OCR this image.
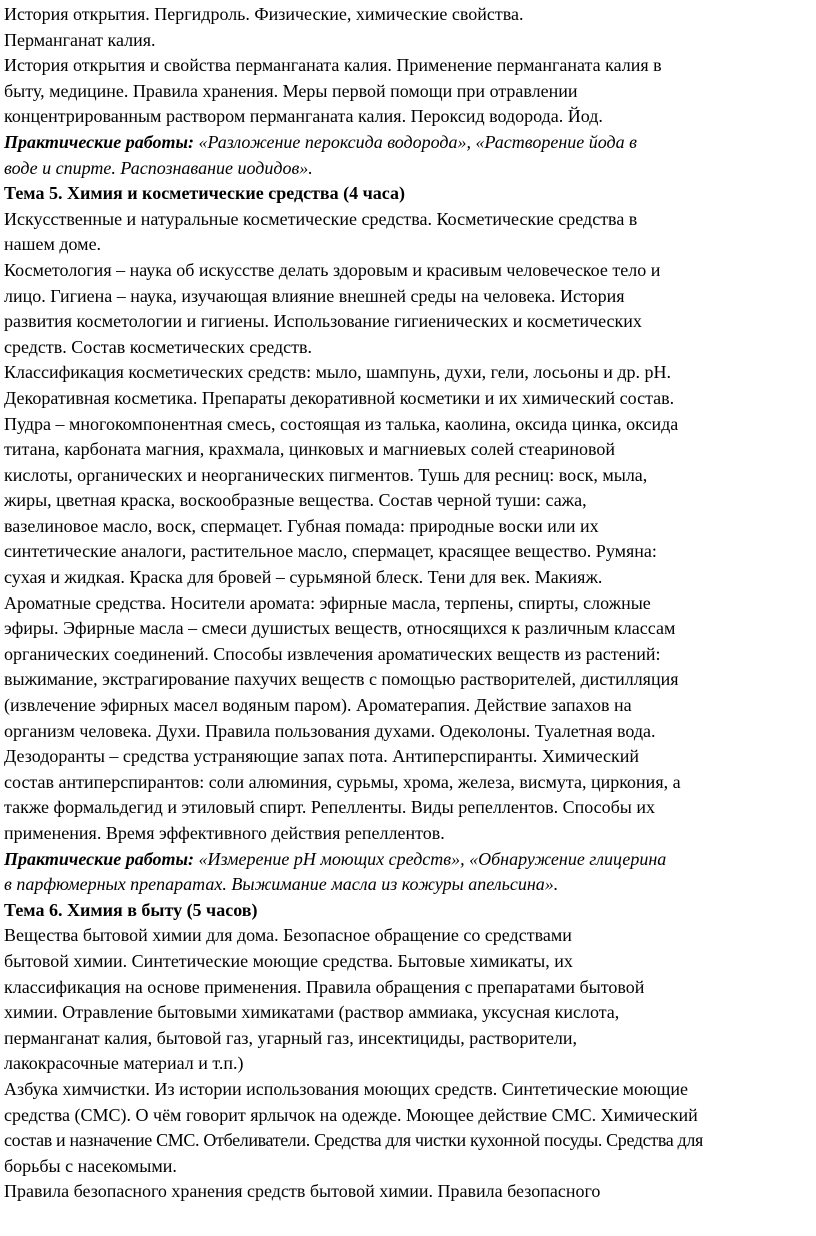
История открытия. Пергидроль. Физические, химические свойства.
Перманганат калия.
История открытия и свойства перманганата калия. Применение перманганата калия в
быту, медицине. Правила хранения. Меры первой помощи при отравлении
концентрированным раствором перманганата калия. Пероксид водорода. Йод.
Практические работы: «Разложение пероксида водорода», «Растворение йода в
воде и спирте. Распознавание иодидов».
Тема 5. Химия и косметические средства (4 часа)
Искусственные и натуральные косметические средства. Косметические средства в
нашем доме.
Косметология – наука об искусстве делать здоровым и красивым человеческое тело и
лицо. Гигиена – наука, изучающая влияние внешней среды на человека. История
развития косметологии и гигиены. Использование гигиенических и косметических
средств. Состав косметических средств.
Классификация косметических средств: мыло, шампунь, духи, гели, лосьоны и др. pH.
Декоративная косметика. Препараты декоративной косметики и их химический состав.
Пудра – многокомпонентная смесь, состоящая из талька, каолина, оксида цинка, оксида
титана, карбоната магния, крахмала, цинковых и магниевых солей стеариновой
кислоты, органических и неорганических пигментов. Тушь для ресниц: воск, мыла,
жиры, цветная краска, воскообразные вещества. Состав черной туши: сажа,
вазелиновое масло, воск, спермацет. Губная помада: природные воски или их
синтетические аналоги, растительное масло, спермацет, красящее вещество. Румяна:
сухая и жидкая. Краска для бровей – сурьмяной блеск. Тени для век. Макияж.
Ароматные средства. Носители аромата: эфирные масла, терпены, спирты, сложные
эфиры. Эфирные масла – смеси душистых веществ, относящихся к различным классам
органических соединений. Способы извлечения ароматических веществ из растений:
выжимание, экстрагирование пахучих веществ с помощью растворителей, дистилляция
(извлечение эфирных масел водяным паром). Ароматерапия. Действие запахов на
организм человека. Духи. Правила пользования духами. Одеколоны. Туалетная вода.
Дезодоранты – средства устраняющие запах пота. Антиперспиранты. Химический
состав антиперспирантов: соли алюминия, сурьмы, хрома, железа, висмута, циркония, а
также формальдегид и этиловый спирт. Репелленты. Виды репеллентов. Способы их
применения. Время эффективного действия репеллентов.
Практические работы: «Измерение pH моющих средств», «Обнаружение глицерина
в парфюмерных препаратах. Выжимание масла из кожуры апельсина».
Тема 6. Химия в быту (5 часов)
Вещества бытовой химии для дома. Безопасное обращение со средствами
бытовой химии. Синтетические моющие средства. Бытовые химикаты, их
классификация на основе применения. Правила обращения с препаратами бытовой
химии. Отравление бытовыми химикатами (раствор аммиака, уксусная кислота,
перманганат калия, бытовой газ, угарный газ, инсектициды, растворители,
лакокрасочные материал и т.п.)
Азбука химчистки. Из истории использования моющих средств. Синтетические моющие
средства (СМС). О чём говорит ярлычок на одежде. Моющее действие СМС. Химический
состав и назначение СМС. Отбеливатели. Средства для чистки кухонной посуды. Средства для
борьбы с насекомыми.
Правила безопасного хранения средств бытовой химии. Правила безопасного
